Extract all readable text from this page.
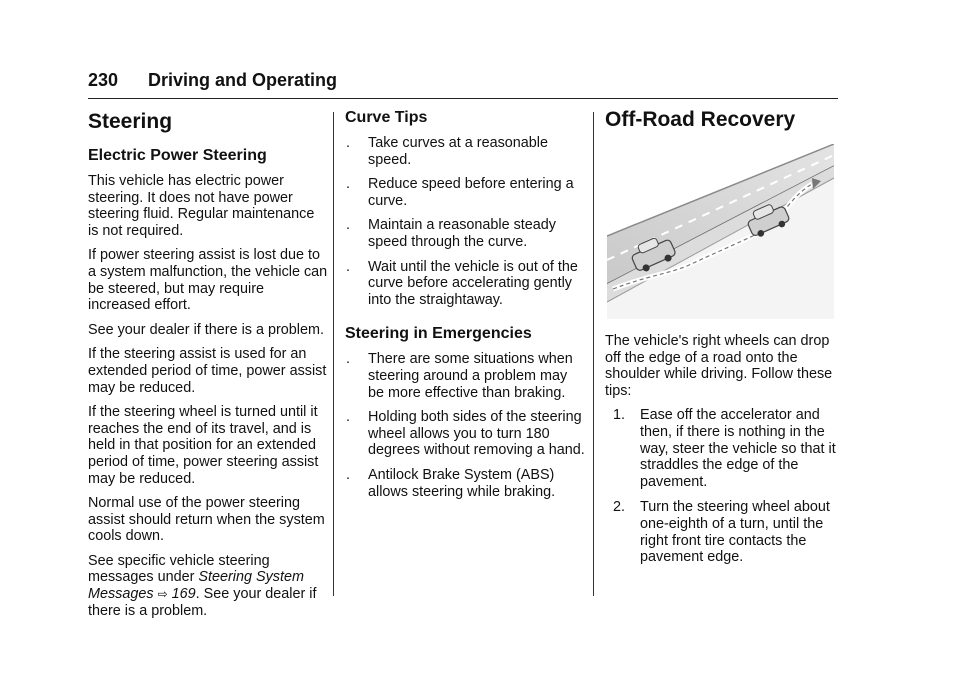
230 Driving and Operating
Steering
Electric Power Steering

This vehicle has electric power steering. It does not have power steering fluid. Regular maintenance is not required.

If power steering assist is lost due to a system malfunction, the vehicle can be steered, but may require increased effort.

See your dealer if there is a problem.

If the steering assist is used for an extended period of time, power assist may be reduced.

If the steering wheel is turned until it reaches the end of its travel, and is held in that position for an extended period of time, power steering assist may be reduced.

Normal use of the power steering assist should return when the system cools down.

See specific vehicle steering messages under Steering System Messages ⇨ 169. See your dealer if there is a problem.

Curve Tips
. Take curves at a reasonable speed.
. Reduce speed before entering a curve.
. Maintain a reasonable steady speed through the curve.
. Wait until the vehicle is out of the curve before accelerating gently into the straightaway.
Steering in Emergencies
. There are some situations when steering around a problem may be more effective than braking.
. Holding both sides of the steering wheel allows you to turn 180 degrees without removing a hand.
. Antilock Brake System (ABS) allows steering while braking.
Off-Road Recovery

The vehicle's right wheels can drop off the edge of a road onto the shoulder while driving. Follow these tips:

1. Ease off the accelerator and then, if there is nothing in the way, steer the vehicle so that it straddles the edge of the pavement.
2. Turn the steering wheel about one-eighth of a turn, until the right front tire contacts the pavement edge.
